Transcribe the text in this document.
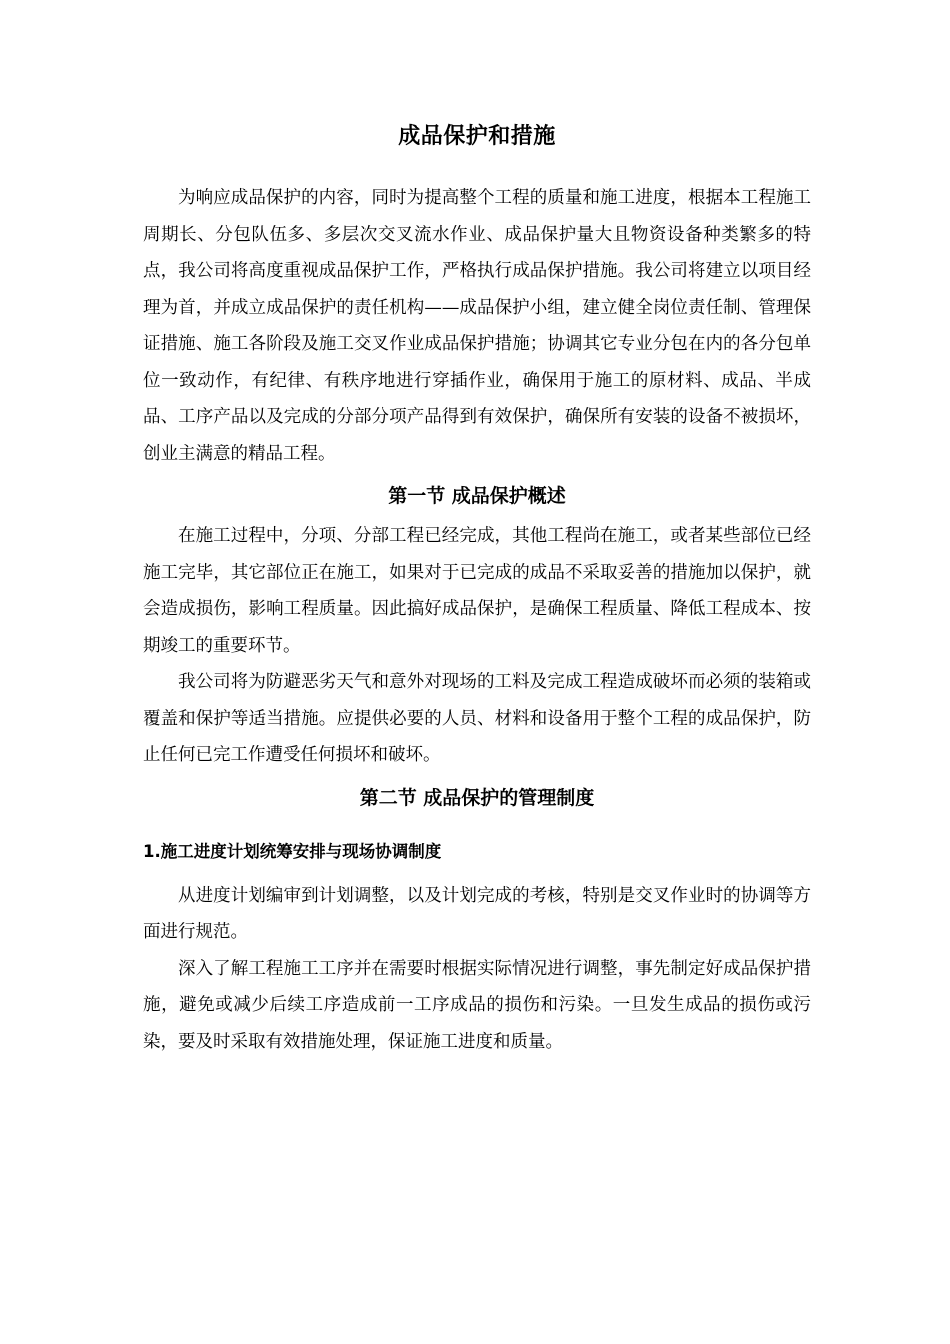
成品保护和措施

为响应成品保护的内容，同时为提高整个工程的质量和施工进度，根据本工程施工周期长、分包队伍多、多层次交叉流水作业、成品保护量大且物资设备种类繁多的特点，我公司将高度重视成品保护工作，严格执行成品保护措施。我公司将建立以项目经理为首，并成立成品保护的责任机构——成品保护小组，建立健全岗位责任制、管理保证措施、施工各阶段及施工交叉作业成品保护措施；协调其它专业分包在内的各分包单位一致动作，有纪律、有秩序地进行穿插作业，确保用于施工的原材料、成品、半成品、工序产品以及完成的分部分项产品得到有效保护，确保所有安装的设备不被损坏，创业主满意的精品工程。

第一节 成品保护概述

在施工过程中，分项、分部工程已经完成，其他工程尚在施工，或者某些部位已经施工完毕，其它部位正在施工，如果对于已完成的成品不采取妥善的措施加以保护，就会造成损伤，影响工程质量。因此搞好成品保护，是确保工程质量、降低工程成本、按期竣工的重要环节。

我公司将为防避恶劣天气和意外对现场的工料及完成工程造成破坏而必须的装箱或覆盖和保护等适当措施。应提供必要的人员、材料和设备用于整个工程的成品保护，防止任何已完工作遭受任何损坏和破坏。

第二节 成品保护的管理制度
1.施工进度计划统筹安排与现场协调制度

从进度计划编审到计划调整，以及计划完成的考核，特别是交叉作业时的协调等方面进行规范。

深入了解工程施工工序并在需要时根据实际情况进行调整，事先制定好成品保护措施，避免或减少后续工序造成前一工序成品的损伤和污染。一旦发生成品的损伤或污染，要及时采取有效措施处理，保证施工进度和质量。
